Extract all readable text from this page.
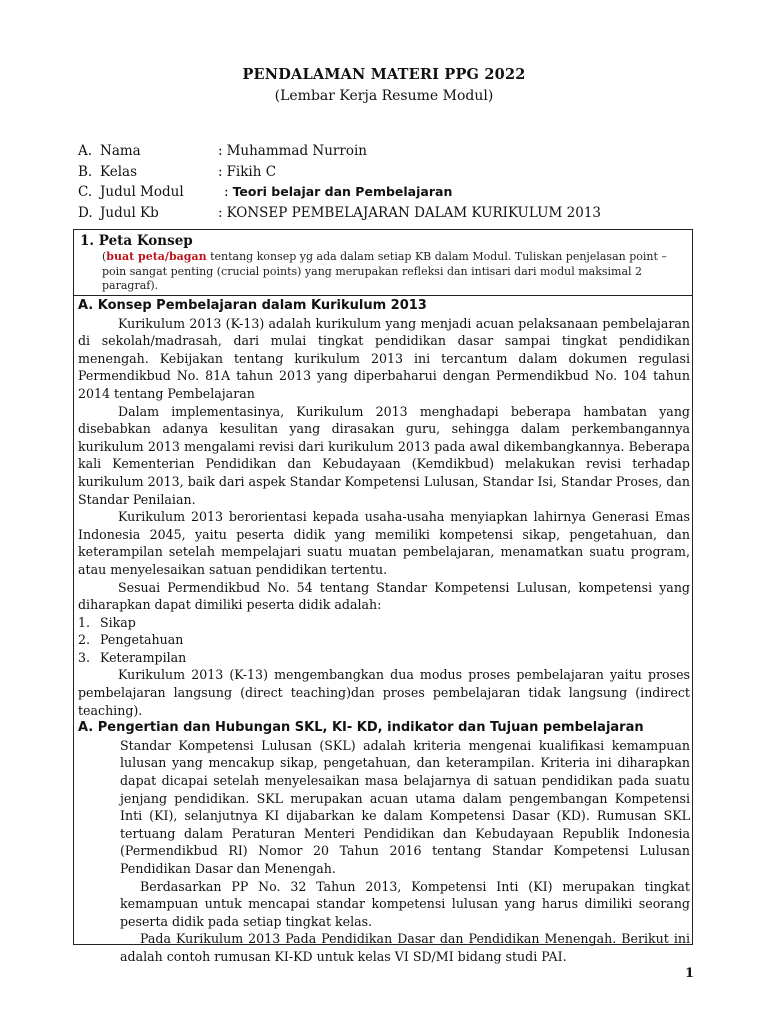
PENDALAMAN MATERI PPG 2022
(Lembar Kerja Resume Modul)
A. Nama	: Muhammad Nurroin
B. Kelas	: Fikih C
C. Judul Modul	: Teori belajar dan Pembelajaran
D. Judul Kb	: KONSEP PEMBELAJARAN DALAM KURIKULUM 2013
1. Peta Konsep
(buat peta/bagan tentang konsep yg ada dalam setiap KB dalam Modul. Tuliskan penjelasan point –poin sangat penting (crucial points) yang merupakan refleksi dan intisari dari modul maksimal 2 paragraf).
A. Konsep Pembelajaran dalam Kurikulum 2013

Kurikulum 2013 (K-13) adalah kurikulum yang menjadi acuan pelaksanaan pembelajaran di sekolah/madrasah, dari mulai tingkat pendidikan dasar sampai tingkat pendidikan menengah. Kebijakan tentang kurikulum 2013 ini tercantum dalam dokumen regulasi Permendikbud No. 81A tahun 2013 yang diperbaharui dengan Permendikbud No. 104 tahun 2014 tentang Pembelajaran

Dalam implementasinya, Kurikulum 2013 menghadapi beberapa hambatan yang disebabkan adanya kesulitan yang dirasakan guru, sehingga dalam perkembangannya kurikulum 2013 mengalami revisi dari kurikulum 2013 pada awal dikembangkannya. Beberapa kali Kementerian Pendidikan dan Kebudayaan (Kemdikbud) melakukan revisi terhadap kurikulum 2013, baik dari aspek Standar Kompetensi Lulusan, Standar Isi, Standar Proses, dan Standar Penilaian.

Kurikulum 2013 berorientasi kepada usaha-usaha menyiapkan lahirnya Generasi Emas Indonesia 2045, yaitu peserta didik yang memiliki kompetensi sikap, pengetahuan, dan keterampilan setelah mempelajari suatu muatan pembelajaran, menamatkan suatu program, atau menyelesaikan satuan pendidikan tertentu.

Sesuai Permendikbud No. 54 tentang Standar Kompetensi Lulusan, kompetensi yang diharapkan dapat dimiliki peserta didik adalah:

1. Sikap
2. Pengetahuan
3. Keterampilan

Kurikulum 2013 (K-13) mengembangkan dua modus proses pembelajaran yaitu proses pembelajaran langsung (direct teaching)dan proses pembelajaran tidak langsung (indirect teaching).

A. Pengertian dan Hubungan SKL, KI- KD, indikator dan Tujuan pembelajaran

Standar Kompetensi Lulusan (SKL) adalah kriteria mengenai kualifikasi kemampuan lulusan yang mencakup sikap, pengetahuan, dan keterampilan. Kriteria ini diharapkan dapat dicapai setelah menyelesaikan masa belajarnya di satuan pendidikan pada suatu jenjang pendidikan. SKL merupakan acuan utama dalam pengembangan Kompetensi Inti (KI), selanjutnya KI dijabarkan ke dalam Kompetensi Dasar (KD). Rumusan SKL tertuang dalam Peraturan Menteri Pendidikan dan Kebudayaan Republik Indonesia (Permendikbud RI) Nomor 20 Tahun 2016 tentang Standar Kompetensi Lulusan Pendidikan Dasar dan Menengah.

Berdasarkan PP No. 32 Tahun 2013, Kompetensi Inti (KI) merupakan tingkat kemampuan untuk mencapai standar kompetensi lulusan yang harus dimiliki seorang peserta didik pada setiap tingkat kelas.

Pada Kurikulum 2013 Pada Pendidikan Dasar dan Pendidikan Menengah. Berikut ini adalah contoh rumusan KI-KD untuk kelas VI SD/MI bidang studi PAI.

1
